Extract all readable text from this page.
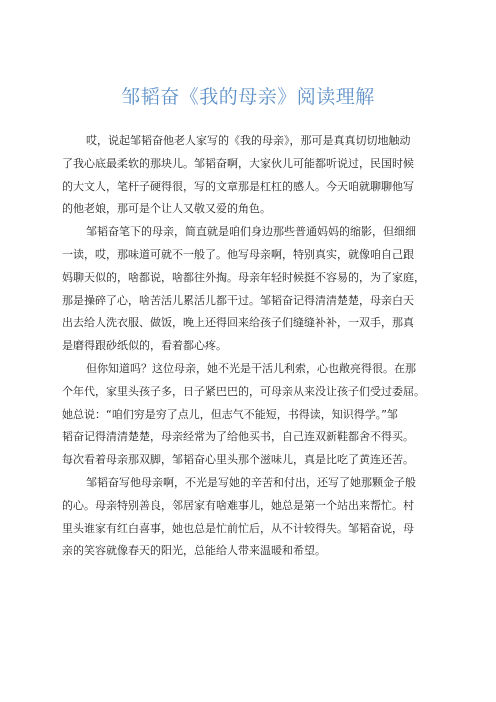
邹韬奋《我的母亲》阅读理解

哎，说起邹韬奋他老人家写的《我的母亲》，那可是真真切切地触动
了我心底最柔软的那块儿。邹韬奋啊，大家伙儿可能都听说过，民国时候
的大文人，笔杆子硬得很，写的文章那是杠杠的感人。今天咱就聊聊他写
的他老娘，那可是个让人又敬又爱的角色。

邹韬奋笔下的母亲，简直就是咱们身边那些普通妈妈的缩影，但细细
一读，哎，那味道可就不一般了。他写母亲啊，特别真实，就像咱自己跟
妈聊天似的，啥都说，啥都往外掏。母亲年轻时候挺不容易的，为了家庭，
那是操碎了心，啥苦活儿累活儿都干过。邹韬奋记得清清楚楚，母亲白天
出去给人洗衣服、做饭，晚上还得回来给孩子们缝缝补补，一双手，那真
是磨得跟砂纸似的，看着都心疼。

但你知道吗？这位母亲，她不光是干活儿利索，心也敞亮得很。在那
个年代，家里头孩子多，日子紧巴巴的，可母亲从来没让孩子们受过委屈。
她总说：“咱们穷是穷了点儿，但志气不能短，书得读，知识得学。”邹
韬奋记得清清楚楚，母亲经常为了给他买书，自己连双新鞋都舍不得买。
每次看着母亲那双脚，邹韬奋心里头那个滋味儿，真是比吃了黄连还苦。

邹韬奋写他母亲啊，不光是写她的辛苦和付出，还写了她那颗金子般
的心。母亲特别善良，邻居家有啥难事儿，她总是第一个站出来帮忙。村
里头谁家有红白喜事，她也总是忙前忙后，从不计较得失。邹韬奋说，母
亲的笑容就像春天的阳光，总能给人带来温暖和希望。
